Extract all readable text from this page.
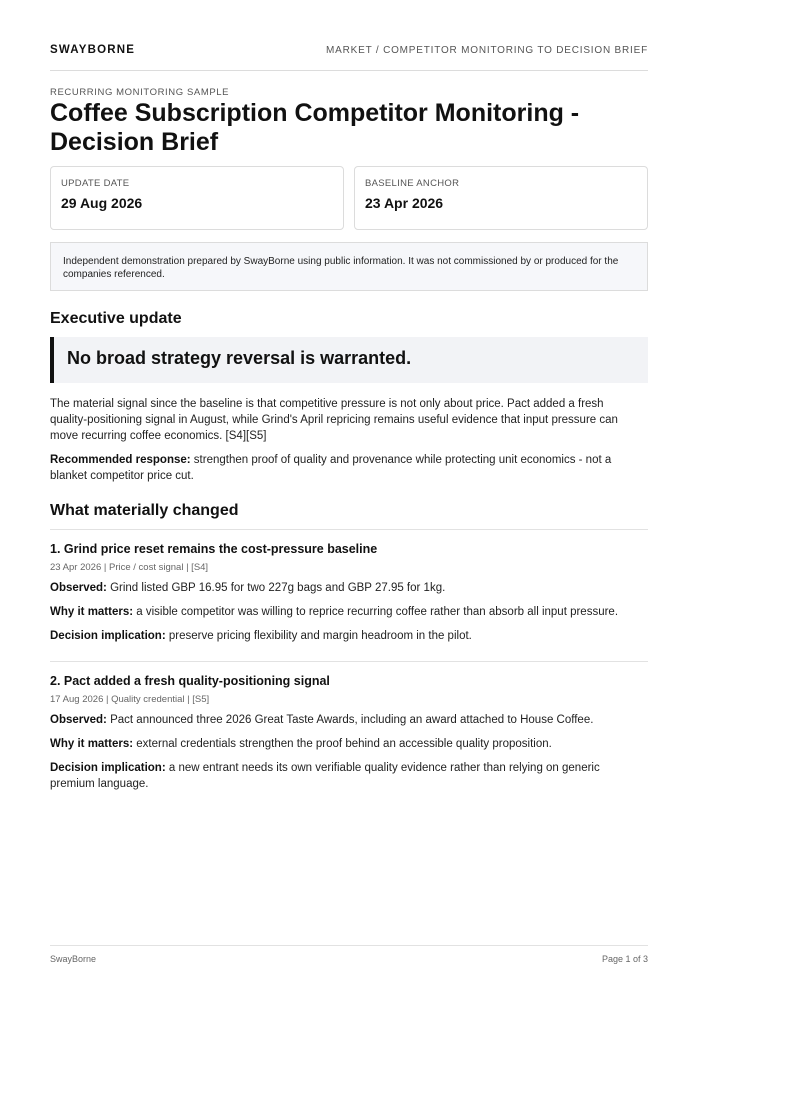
SWAYBORNE	MARKET / COMPETITOR MONITORING TO DECISION BRIEF
RECURRING MONITORING SAMPLE
Coffee Subscription Competitor Monitoring - Decision Brief
UPDATE DATE
29 Aug 2026
BASELINE ANCHOR
23 Apr 2026
Independent demonstration prepared by SwayBorne using public information. It was not commissioned by or produced for the companies referenced.
Executive update
No broad strategy reversal is warranted.

The material signal since the baseline is that competitive pressure is not only about price. Pact added a fresh quality-positioning signal in August, while Grind's April repricing remains useful evidence that input pressure can move recurring coffee economics. [S4][S5]

Recommended response: strengthen proof of quality and provenance while protecting unit economics - not a blanket competitor price cut.

What materially changed
1. Grind price reset remains the cost-pressure baseline
23 Apr 2026 | Price / cost signal | [S4]

Observed: Grind listed GBP 16.95 for two 227g bags and GBP 27.95 for 1kg.

Why it matters: a visible competitor was willing to reprice recurring coffee rather than absorb all input pressure.

Decision implication: preserve pricing flexibility and margin headroom in the pilot.

2. Pact added a fresh quality-positioning signal
17 Aug 2026 | Quality credential | [S5]

Observed: Pact announced three 2026 Great Taste Awards, including an award attached to House Coffee.

Why it matters: external credentials strengthen the proof behind an accessible quality proposition.

Decision implication: a new entrant needs its own verifiable quality evidence rather than relying on generic premium language.

SwayBorne	Page 1 of 3
